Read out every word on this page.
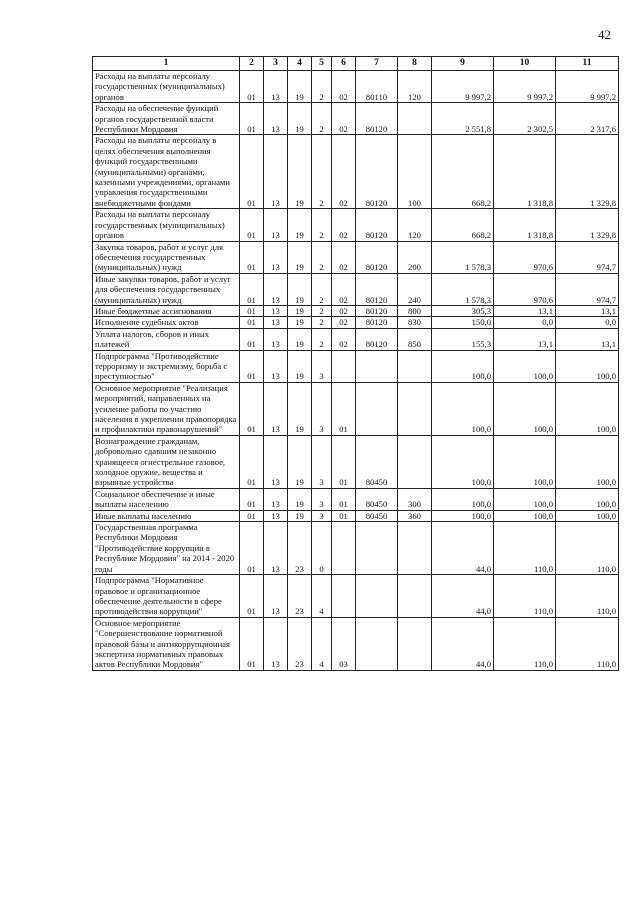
42
1	2	3	4	5	6	7	8	9	10	11
Расходы на выплаты персоналу государственных (муниципальных) органов	01	13	19	2	02	80110	120	9 997,2	9 997,2	9 997,2
Расходы на обеспечение функций органов государственной власти Республики Мордовия	01	13	19	2	02	80120		2 551,8	2 302,5	2 317,6
Расходы на выплаты персоналу в целях обеспечения выполнения функций государственными (муниципальными) органами, казенными учреждениями, органами управления государственными внебюджетными фондами	01	13	19	2	02	80120	100	668,2	1 318,8	1 329,8
Расходы на выплаты персоналу государственных (муниципальных) органов	01	13	19	2	02	80120	120	668,2	1 318,8	1 329,8
Закупка товаров, работ и услуг для обеспечения государственных (муниципальных) нужд	01	13	19	2	02	80120	200	1 578,3	970,6	974,7
Иные закупки товаров, работ и услуг для обеспечения государственных (муниципальных) нужд	01	13	19	2	02	80120	240	1 578,3	970,6	974,7
Иные бюджетные ассигнования	01	13	19	2	02	80120	800	305,3	13,1	13,1
Исполнение судебных актов	01	13	19	2	02	80120	830	150,0	0,0	0,0
Уплата налогов, сборов и иных платежей	01	13	19	2	02	80120	850	155,3	13,1	13,1
Подпрограмма "Противодействие терроризму и экстремизму, борьба с преступностью"	01	13	19	3				100,0	100,0	100,0
Основное мероприятие "Реализация мероприятий, направленных на усиление работы по участию населения в укреплении правопорядка и профилактики правонарушений"	01	13	19	3	01			100,0	100,0	100,0
Вознаграждение гражданам, добровольно сдавшим незаконно хранящееся огнестрельное газовое, холодное оружие, вещества и взрывные устройства	01	13	19	3	01	80450		100,0	100,0	100,0
Социальное обеспечение и иные выплаты населению	01	13	19	3	01	80450	300	100,0	100,0	100,0
Иные выплаты населению	01	13	19	3	01	80450	360	100,0	100,0	100,0
Государственная программа Республики Мордовия "Противодействие коррупции в Республике Мордовия" на 2014 - 2020 годы	01	13	23	0				44,0	110,0	110,0
Подпрограмма "Нормативное правовое и организационное обеспечение деятельности в сфере противодействия коррупции"	01	13	23	4				44,0	110,0	110,0
Основное мероприятие "Совершенствование нормативной правовой базы и антикоррупционная экспертиза нормативных правовых актов Республики Мордовия"	01	13	23	4	03			44,0	110,0	110,0
